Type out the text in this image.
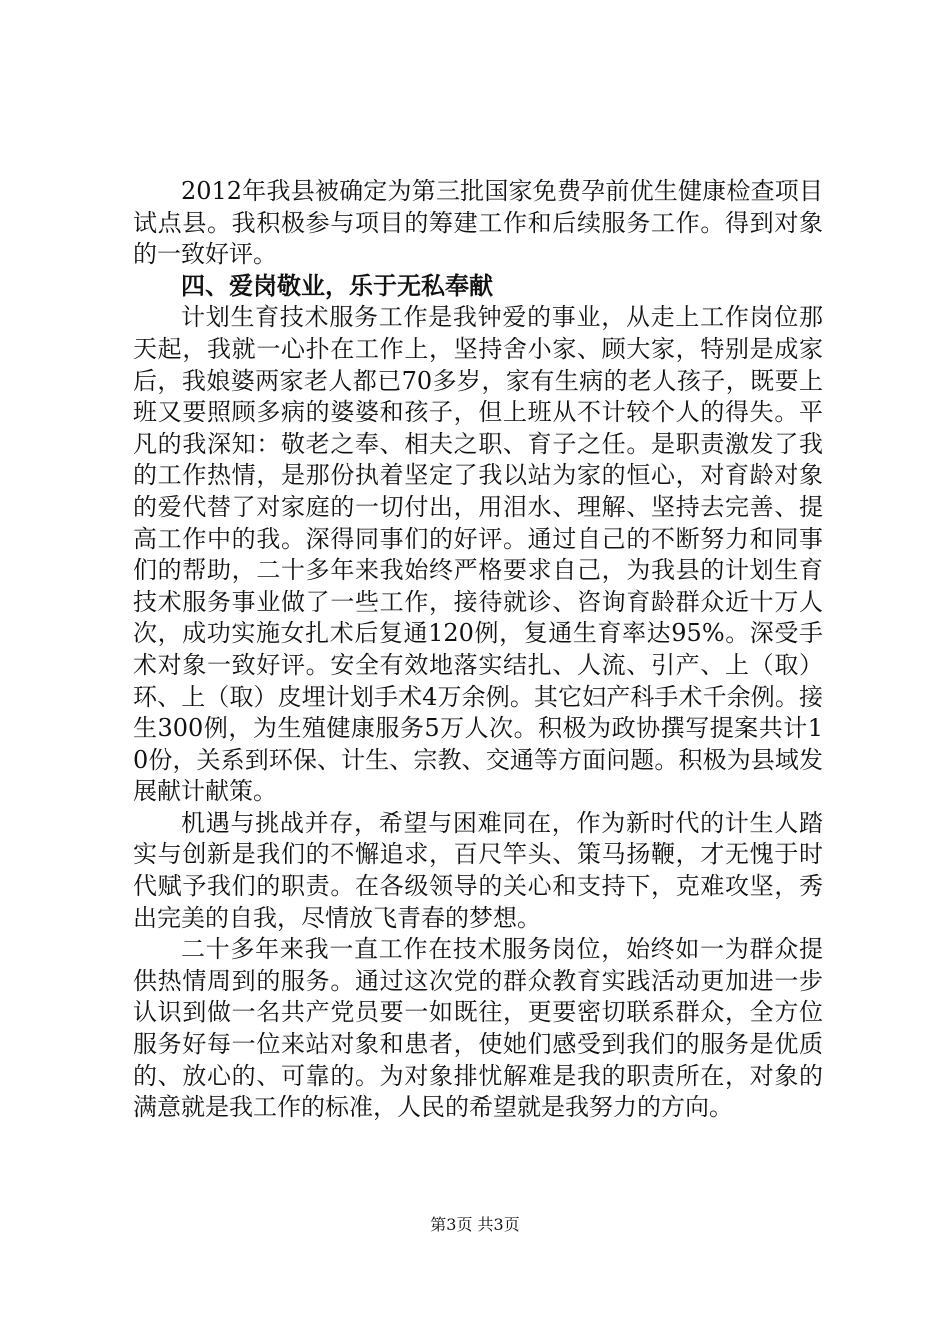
2012年我县被确定为第三批国家免费孕前优生健康检查项目试点县。我积极参与项目的筹建工作和后续服务工作。得到对象的一致好评。

四、爱岗敬业，乐于无私奉献

计划生育技术服务工作是我钟爱的事业，从走上工作岗位那天起，我就一心扑在工作上，坚持舍小家、顾大家，特别是成家后，我娘婆两家老人都已70多岁，家有生病的老人孩子，既要上班又要照顾多病的婆婆和孩子，但上班从不计较个人的得失。平凡的我深知：敬老之奉、相夫之职、育子之任。是职责激发了我的工作热情，是那份执着坚定了我以站为家的恒心，对育龄对象的爱代替了对家庭的一切付出，用泪水、理解、坚持去完善、提高工作中的我。深得同事们的好评。通过自己的不断努力和同事们的帮助，二十多年来我始终严格要求自己，为我县的计划生育技术服务事业做了一些工作，接待就诊、咨询育龄群众近十万人次，成功实施女扎术后复通120例，复通生育率达95%。深受手术对象一致好评。安全有效地落实结扎、人流、引产、上（取）环、上（取）皮埋计划手术4万余例。其它妇产科手术千余例。接生300例，为生殖健康服务5万人次。积极为政协撰写提案共计10份，关系到环保、计生、宗教、交通等方面问题。积极为县域发展献计献策。

机遇与挑战并存，希望与困难同在，作为新时代的计生人踏实与创新是我们的不懈追求，百尺竿头、策马扬鞭，才无愧于时代赋予我们的职责。在各级领导的关心和支持下，克难攻坚，秀出完美的自我，尽情放飞青春的梦想。

二十多年来我一直工作在技术服务岗位，始终如一为群众提供热情周到的服务。通过这次党的群众教育实践活动更加进一步认识到做一名共产党员要一如既往，更要密切联系群众，全方位服务好每一位来站对象和患者，使她们感受到我们的服务是优质的、放心的、可靠的。为对象排忧解难是我的职责所在，对象的满意就是我工作的标准，人民的希望就是我努力的方向。

第3页 共3页
